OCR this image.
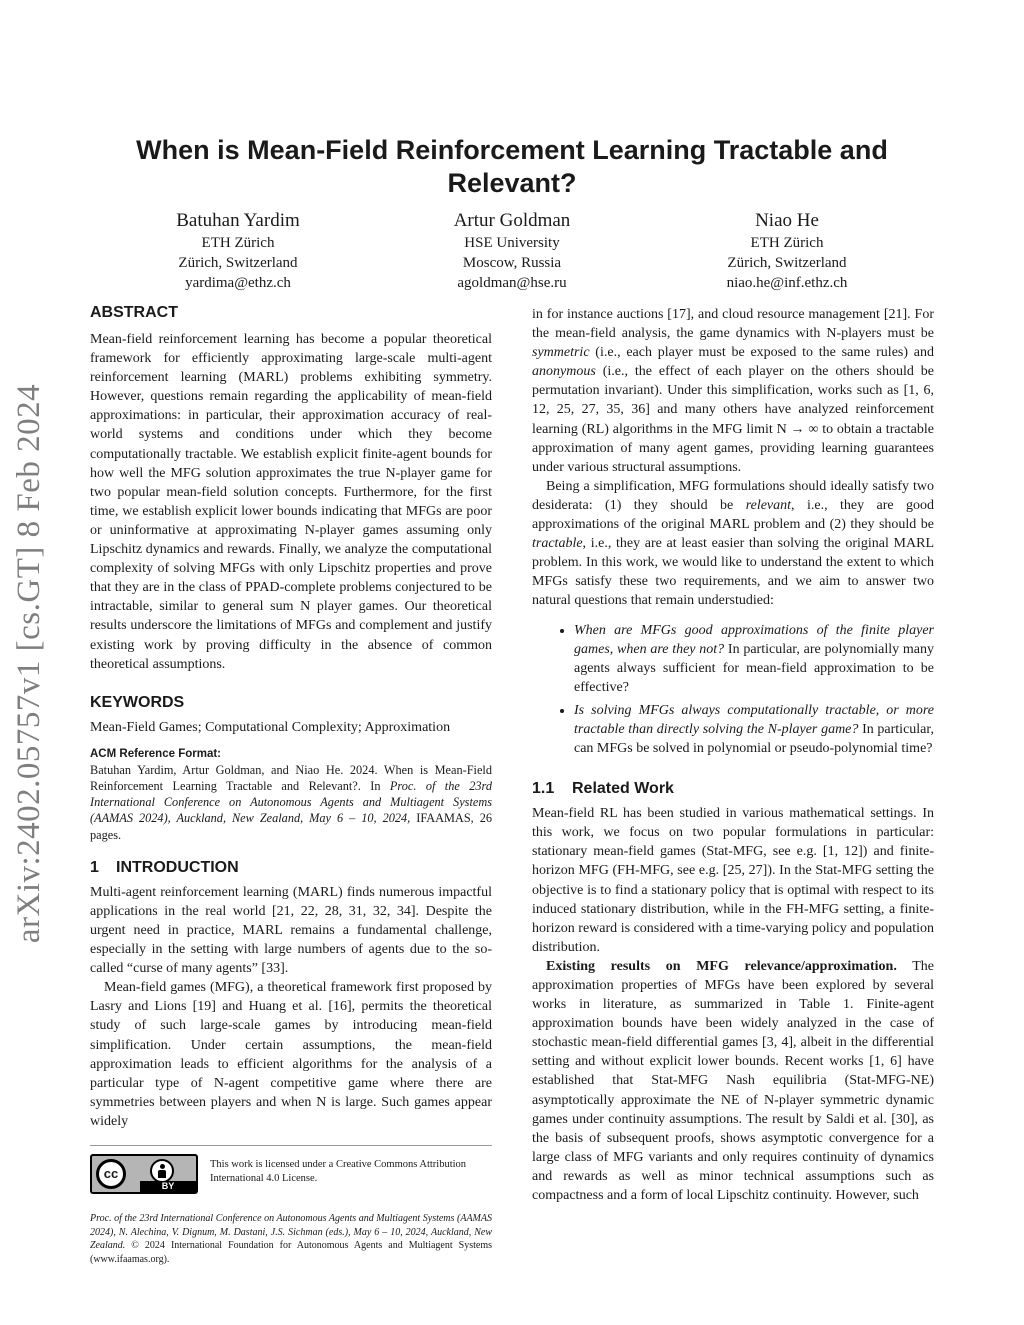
arXiv:2402.05757v1 [cs.GT] 8 Feb 2024
When is Mean-Field Reinforcement Learning Tractable and Relevant?
Batuhan Yardim
ETH Zürich
Zürich, Switzerland
yardima@ethz.ch
Artur Goldman
HSE University
Moscow, Russia
agoldman@hse.ru
Niao He
ETH Zürich
Zürich, Switzerland
niao.he@inf.ethz.ch
ABSTRACT

Mean-field reinforcement learning has become a popular theoretical framework for efficiently approximating large-scale multi-agent reinforcement learning (MARL) problems exhibiting symmetry. However, questions remain regarding the applicability of mean-field approximations: in particular, their approximation accuracy of real-world systems and conditions under which they become computationally tractable. We establish explicit finite-agent bounds for how well the MFG solution approximates the true N-player game for two popular mean-field solution concepts. Furthermore, for the first time, we establish explicit lower bounds indicating that MFGs are poor or uninformative at approximating N-player games assuming only Lipschitz dynamics and rewards. Finally, we analyze the computational complexity of solving MFGs with only Lipschitz properties and prove that they are in the class of PPAD-complete problems conjectured to be intractable, similar to general sum N player games. Our theoretical results underscore the limitations of MFGs and complement and justify existing work by proving difficulty in the absence of common theoretical assumptions.

KEYWORDS

Mean-Field Games; Computational Complexity; Approximation

ACM Reference Format:

Batuhan Yardim, Artur Goldman, and Niao He. 2024. When is Mean-Field Reinforcement Learning Tractable and Relevant?. In Proc. of the 23rd International Conference on Autonomous Agents and Multiagent Systems (AAMAS 2024), Auckland, New Zealand, May 6 – 10, 2024, IFAAMAS, 26 pages.

1 INTRODUCTION

Multi-agent reinforcement learning (MARL) finds numerous impactful applications in the real world [21, 22, 28, 31, 32, 34]. Despite the urgent need in practice, MARL remains a fundamental challenge, especially in the setting with large numbers of agents due to the so-called “curse of many agents” [33].

Mean-field games (MFG), a theoretical framework first proposed by Lasry and Lions [19] and Huang et al. [16], permits the theoretical study of such large-scale games by introducing mean-field simplification. Under certain assumptions, the mean-field approximation leads to efficient algorithms for the analysis of a particular type of N-agent competitive game where there are symmetries between players and when N is large. Such games appear widely

cc
BY
This work is licensed under a Creative Commons Attribution International 4.0 License.

Proc. of the 23rd International Conference on Autonomous Agents and Multiagent Systems (AAMAS 2024), N. Alechina, V. Dignum, M. Dastani, J.S. Sichman (eds.), May 6 – 10, 2024, Auckland, New Zealand. © 2024 International Foundation for Autonomous Agents and Multiagent Systems (www.ifaamas.org).

in for instance auctions [17], and cloud resource management [21]. For the mean-field analysis, the game dynamics with N-players must be symmetric (i.e., each player must be exposed to the same rules) and anonymous (i.e., the effect of each player on the others should be permutation invariant). Under this simplification, works such as [1, 6, 12, 25, 27, 35, 36] and many others have analyzed reinforcement learning (RL) algorithms in the MFG limit N → ∞ to obtain a tractable approximation of many agent games, providing learning guarantees under various structural assumptions.

Being a simplification, MFG formulations should ideally satisfy two desiderata: (1) they should be relevant, i.e., they are good approximations of the original MARL problem and (2) they should be tractable, i.e., they are at least easier than solving the original MARL problem. In this work, we would like to understand the extent to which MFGs satisfy these two requirements, and we aim to answer two natural questions that remain understudied:

• When are MFGs good approximations of the finite player games, when are they not? In particular, are polynomially many agents always sufficient for mean-field approximation to be effective?
• Is solving MFGs always computationally tractable, or more tractable than directly solving the N-player game? In particular, can MFGs be solved in polynomial or pseudo-polynomial time?
1.1 Related Work

Mean-field RL has been studied in various mathematical settings. In this work, we focus on two popular formulations in particular: stationary mean-field games (Stat-MFG, see e.g. [1, 12]) and finite-horizon MFG (FH-MFG, see e.g. [25, 27]). In the Stat-MFG setting the objective is to find a stationary policy that is optimal with respect to its induced stationary distribution, while in the FH-MFG setting, a finite-horizon reward is considered with a time-varying policy and population distribution.

Existing results on MFG relevance/approximation. The approximation properties of MFGs have been explored by several works in literature, as summarized in Table 1. Finite-agent approximation bounds have been widely analyzed in the case of stochastic mean-field differential games [3, 4], albeit in the differential setting and without explicit lower bounds. Recent works [1, 6] have established that Stat-MFG Nash equilibria (Stat-MFG-NE) asymptotically approximate the NE of N-player symmetric dynamic games under continuity assumptions. The result by Saldi et al. [30], as the basis of subsequent proofs, shows asymptotic convergence for a large class of MFG variants and only requires continuity of dynamics and rewards as well as minor technical assumptions such as compactness and a form of local Lipschitz continuity. However, such
